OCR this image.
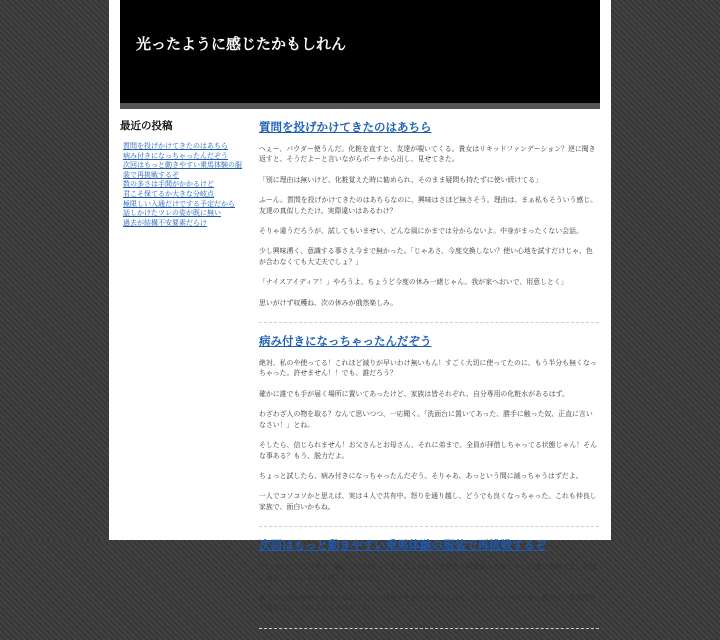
光ったように感じたかもしれん
最近の投稿
質問を投げかけてきたのはあちら
病み付きになっちゃったんだぞう
次回はもっと動きやすい乗馬体験の服装で再挑戦するぞ
数の多さは手間がかかるけど
君こそ保てるか大きな分岐点
極限しい入通だけでする予定だから
話しかけたツレの姿が既に無い
過去が結構不安要素だらけ
質問を投げかけてきたのはあちら

へぇー、パウダー使うんだ。化粧を直すと、友達が覗いてくる。貴女はリキッドファンデーション？逆に聞き返すと、そうだよーと言いながらポーチから出し、見せてきた。

「別に理由は無いけど、化粧覚えた時に勧められ、そのまま疑問も持たずに使い続けてる」

ふーん。質問を投げかけてきたのはあちらなのに、興味はさほど無さそう。理由は、まぁ私もそういう感じ。友達の真似したたけ。実際違いはあるわけ？

そりゃ違うだろうが、試してもいませい、どんな風にかまでは分からないよ。中身がまったくない会話。

少し興味湧く、意識する事さえ今まで無かった。「じゃあさ、今度交換しない？使い心地を試すだけじゃ、色が合わなくても大丈夫でしょ？」

「ナイスアイディア！」やろうよ、ちょうど今度の休み一緒じゃん。我が家へおいで、用意しとく」

思いがけず収穫ね、次の休みが俄然楽しみ。

病み付きになっちゃったんだぞう

絶対、私のや使ってる！これほど減りが早いわけ無いもん！すごく大切に使ってたのに、もう半分も無くなっちゃった。許せません！！でも、誰だろう？

確かに誰でも手が届く場所に置いてあったけど、家族は皆それぞれ、自分専用の化粧水があるはず。

わざわざ人の物を取る？なんて思いつつ、一応聞く。「洗面台に置いてあった、勝手に触った奴、正直に言いなさい！」とね。

そしたら、信じられません！お父さんとお母さん、それに弟まで。全員が拝借しちゃってる状態じゃん！そんな事ある？もう、脱力だよ。

ちょっと試したら、病み付きになっちゃったんだぞう。そりゃあ、あっという間に減っちゃうはずだよ。

一人でコソコソかと思えば、実は４人で共有中。怒りを通り越し、どうでも良くなっちゃった。これも仲良し家族で、面白いかもね。

次回はもっと動きやすい乗馬体験の服装で再挑戦するぞ

青い空に広がる牧場で、触れ合いが待ってました。初めてで緊張と興奮が入り混じり、心臓は高鳴るよ。牧場に着き、美しい姿に圧倒されちゃった。

彼らの力強い筋肉と穏やかな目は、何か特別さを感じさせてくれる。インストラクターから最初に、乗馬体験の服装はどうれば良かもる鳥以と聞く。
